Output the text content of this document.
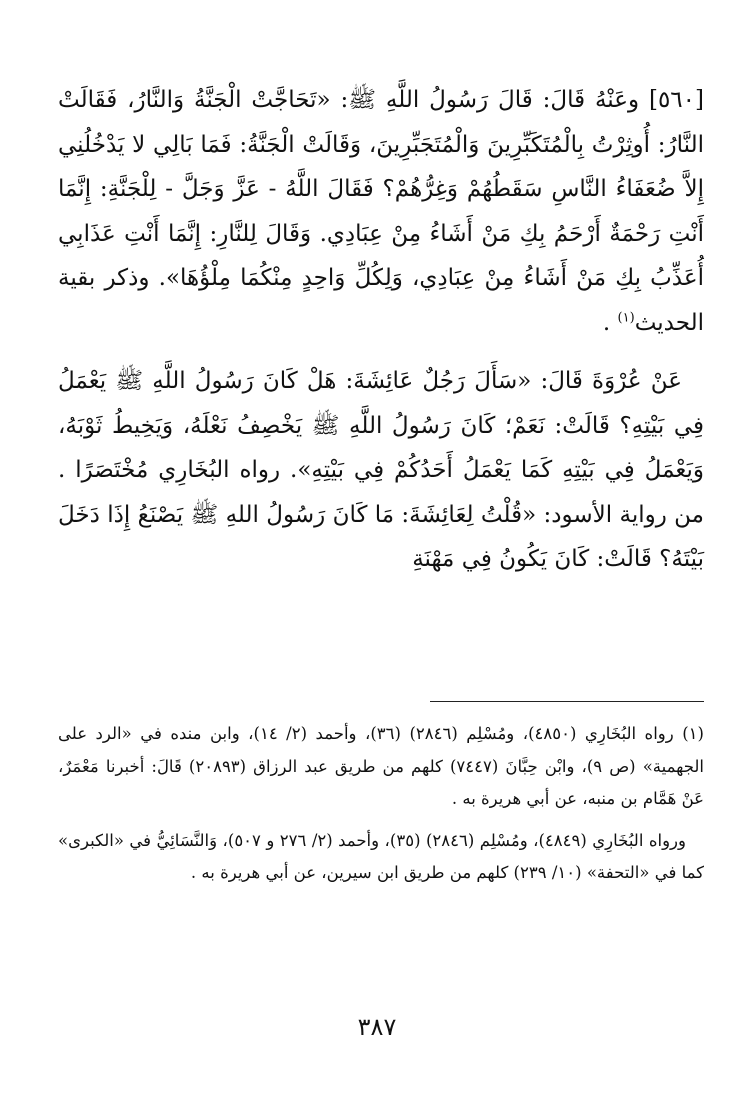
[٥٦٠] وعَنْهُ قَالَ: قَالَ رَسُولُ اللَّهِ ﷺ: «تَحَاجَّتْ الْجَنَّةُ وَالنَّارُ، فَقَالَتْ النَّارُ: أُوثِرْتُ بِالْمُتَكَبِّرِينَ وَالْمُتَجَبِّرِينَ، وَقَالَتْ الْجَنَّةُ: فَمَا بَالِي لا يَدْخُلُنِي إِلاَّ ضُعَفَاءُ النَّاسِ سَقَطُهُمْ وَغِرُّهُمْ؟ فَقَالَ اللَّهُ - عَزَّ وَجَلَّ - لِلْجَنَّةِ: إِنَّمَا أَنْتِ رَحْمَةٌ أَرْحَمُ بِكِ مَنْ أَشَاءُ مِنْ عِبَادِي. وَقَالَ لِلنَّارِ: إِنَّمَا أَنْتِ عَذَابِي أُعَذِّبُ بِكِ مَنْ أَشَاءُ مِنْ عِبَادِي، وَلِكُلِّ وَاحِدٍ مِنْكُمَا مِلْؤُهَا». وذكر بقية الحديث$^{(١)}$ .

عَنْ عُرْوَةَ قَالَ: «سَأَلَ رَجُلٌ عَائِشَةَ: هَلْ كَانَ رَسُولُ اللَّهِ ﷺ يَعْمَلُ فِي بَيْتِهِ؟ قَالَتْ: نَعَمْ؛ كَانَ رَسُولُ اللَّهِ ﷺ يَخْصِفُ نَعْلَهُ، وَيَخِيطُ ثَوْبَهُ، وَيَعْمَلُ فِي بَيْتِهِ كَمَا يَعْمَلُ أَحَدُكُمْ فِي بَيْتِهِ». رواه البُخَارِي مُخْتَصَرًا . من رواية الأسود: «قُلْتُ لِعَائِشَةَ: مَا كَانَ رَسُولُ اللهِ ﷺ يَصْنَعُ إِذَا دَخَلَ بَيْتَهُ؟ قَالَتْ: كَانَ يَكُونُ فِي مَهْنَةِ

(١) رواه البُخَارِي (٤٨٥٠)، ومُسْلِم (٢٨٤٦) (٣٦)، وأحمد (٢/ ١٤)، وابن منده في «الرد على الجهمية» (ص ٩)، وابْن حِبَّانَ (٧٤٤٧) كلهم من طريق عبد الرزاق (٢٠٨٩٣) قَالَ: أخبرنا مَعْمَرٌ، عَنْ هَمَّام بن منبه، عن أبي هريرة به .

ورواه البُخَارِي (٤٨٤٩)، ومُسْلِم (٢٨٤٦) (٣٥)، وأحمد (٢/ ٢٧٦ و ٥٠٧)، وَالنَّسَائِيُّ في «الكبرى» كما في «التحفة» (١٠/ ٢٣٩) كلهم من طريق ابن سيرين، عن أبي هريرة به .

٣٨٧
